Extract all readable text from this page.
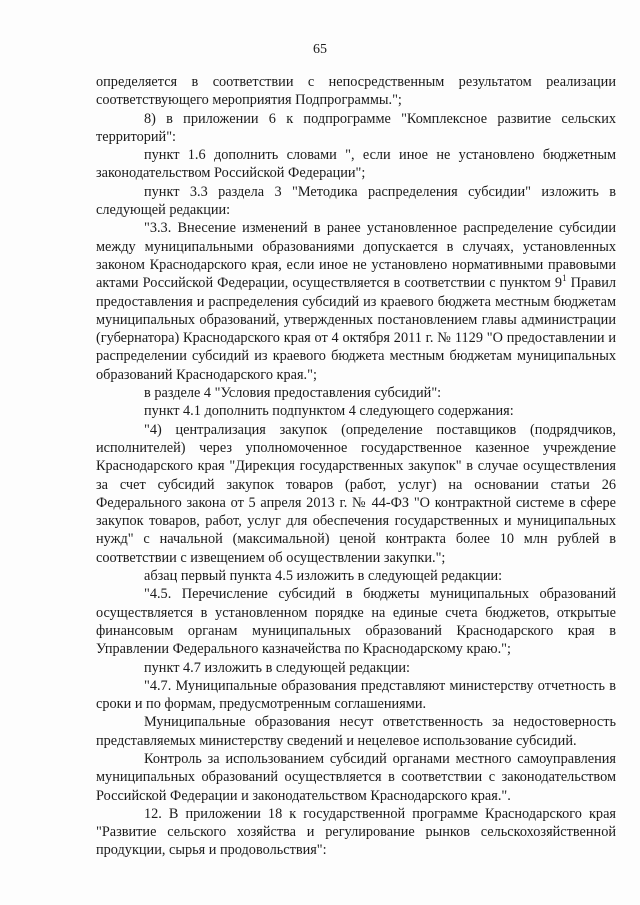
65

определяется в соответствии с непосредственным результатом реализации соответствующего мероприятия Подпрограммы.";

8) в приложении 6 к подпрограмме "Комплексное развитие сельских территорий":

пункт 1.6 дополнить словами ", если иное не установлено бюджетным законодательством Российской Федерации";

пункт 3.3 раздела 3 "Методика распределения субсидии" изложить в следующей редакции:

"3.3. Внесение изменений в ранее установленное распределение субсидии между муниципальными образованиями допускается в случаях, установленных законом Краснодарского края, если иное не установлено нормативными правовыми актами Российской Федерации, осуществляется в соответствии с пунктом $9^1$ Правил предоставления и распределения субсидий из краевого бюджета местным бюджетам муниципальных образований, утвержденных постановлением главы администрации (губернатора) Краснодарского края от 4 октября 2011 г. № 1129 "О предоставлении и распределении субсидий из краевого бюджета местным бюджетам муниципальных образований Краснодарского края.";

в разделе 4 "Условия предоставления субсидий":

пункт 4.1 дополнить подпунктом 4 следующего содержания:

"4) централизация закупок (определение поставщиков (подрядчиков, исполнителей) через уполномоченное государственное казенное учреждение Краснодарского края "Дирекция государственных закупок" в случае осуществления за счет субсидий закупок товаров (работ, услуг) на основании статьи 26 Федерального закона от 5 апреля 2013 г. № 44-ФЗ "О контрактной системе в сфере закупок товаров, работ, услуг для обеспечения государственных и муниципальных нужд" с начальной (максимальной) ценой контракта более 10 млн рублей в соответствии с извещением об осуществлении закупки.";

абзац первый пункта 4.5 изложить в следующей редакции:

"4.5. Перечисление субсидий в бюджеты муниципальных образований осуществляется в установленном порядке на единые счета бюджетов, открытые финансовым органам муниципальных образований Краснодарского края в Управлении Федерального казначейства по Краснодарскому краю.";

пункт 4.7 изложить в следующей редакции:

"4.7. Муниципальные образования представляют министерству отчетность в сроки и по формам, предусмотренным соглашениями.

Муниципальные образования несут ответственность за недостоверность представляемых министерству сведений и нецелевое использование субсидий.

Контроль за использованием субсидий органами местного самоуправления муниципальных образований осуществляется в соответствии с законодательством Российской Федерации и законодательством Краснодарского края.".

12. В приложении 18 к государственной программе Краснодарского края "Развитие сельского хозяйства и регулирование рынков сельскохозяйственной продукции, сырья и продовольствия":
